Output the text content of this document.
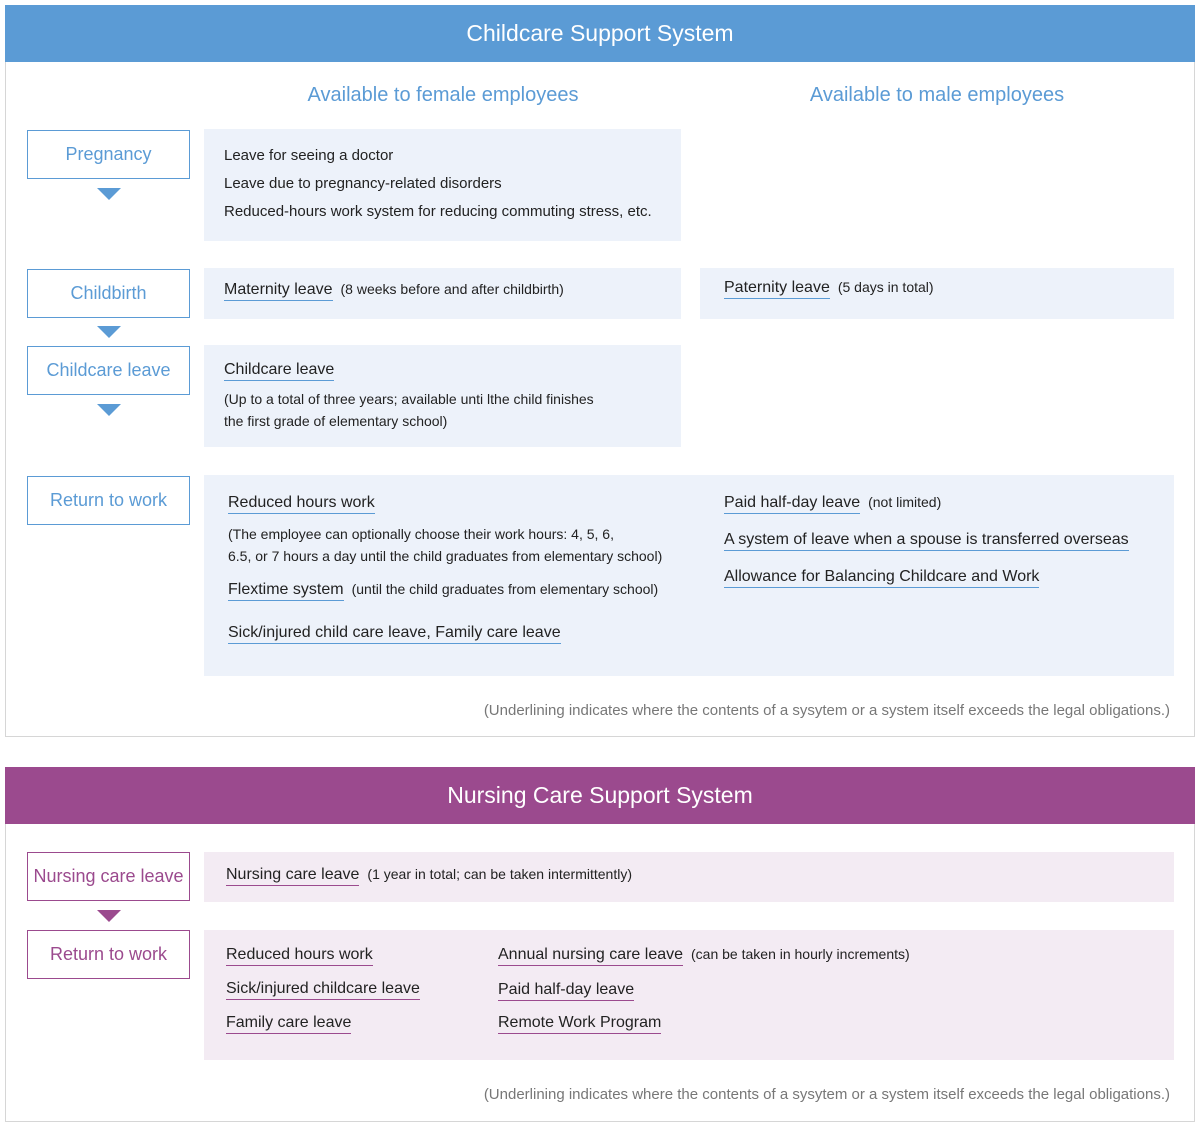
Childcare Support System
Available to female employees	Available to male employees
Pregnancy
Childbirth
Childcare leave
Return to work
Leave for seeing a doctor
Leave due to pregnancy-related disorders
Reduced-hours work system for reducing commuting stress, etc.
Maternity leave (8 weeks before and after childbirth)	Paternity leave (5 days in total)
Childcare leave
(Up to a total of three years; available unti lthe child finishes
the first grade of elementary school)
Reduced hours work
(The employee can optionally choose their work hours: 4, 5, 6,
6.5, or 7 hours a day until the child graduates from elementary school)
Flextime system (until the child graduates from elementary school)
Sick/injured child care leave, Family care leave
Paid half-day leave (not limited)
A system of leave when a spouse is transferred overseas
Allowance for Balancing Childcare and Work
(Underlining indicates where the contents of a sysytem or a system itself exceeds the legal obligations.)
Nursing Care Support System
Nursing care leave
Return to work
Nursing care leave (1 year in total; can be taken intermittently)
Reduced hours work
Sick/injured childcare leave
Family care leave
Annual nursing care leave (can be taken in hourly increments)
Paid half-day leave
Remote Work Program
(Underlining indicates where the contents of a sysytem or a system itself exceeds the legal obligations.)
